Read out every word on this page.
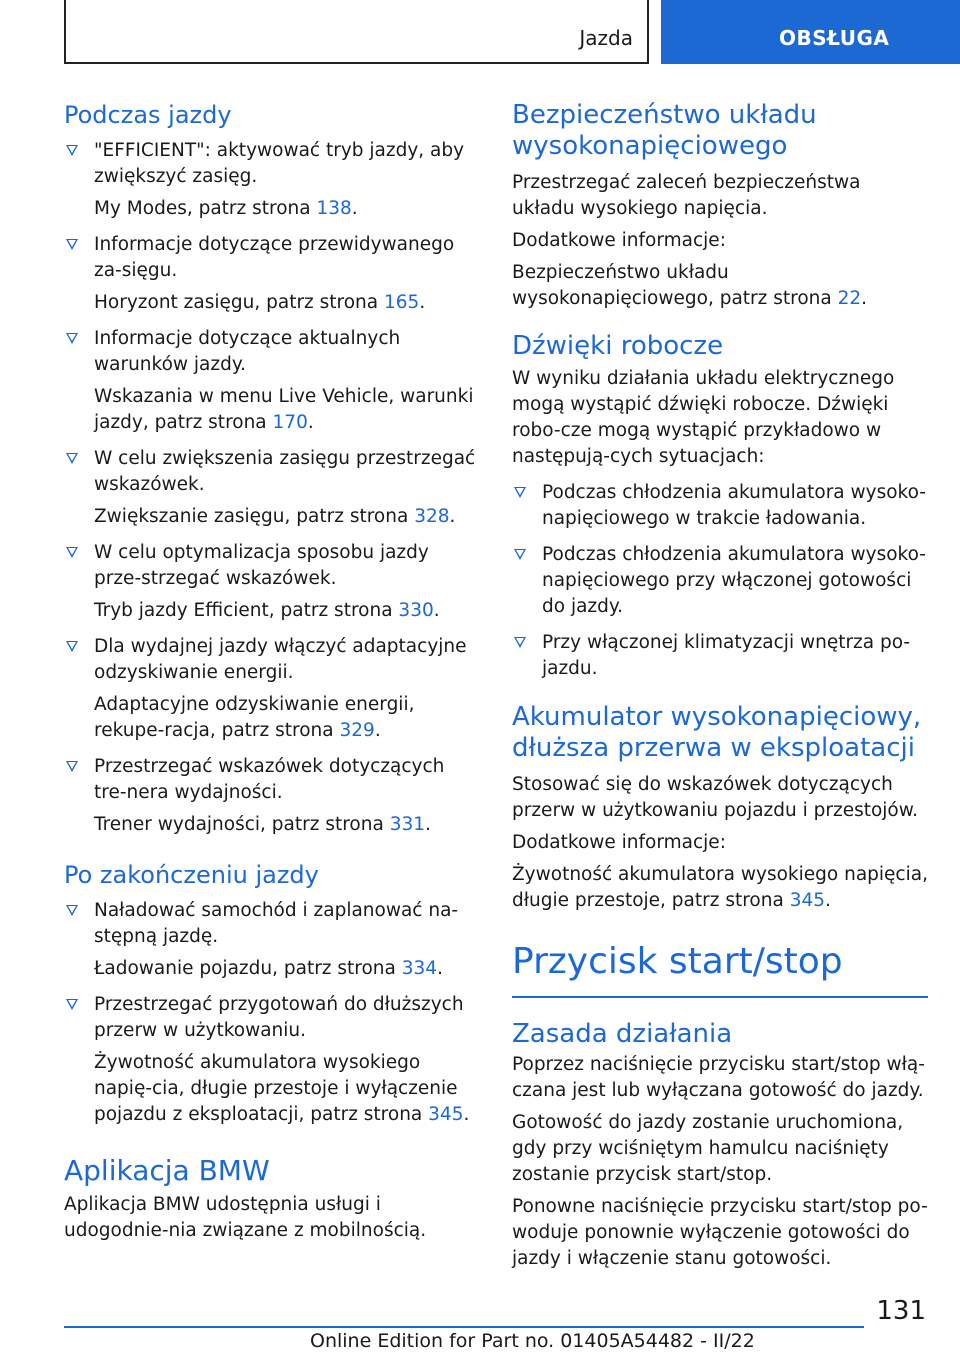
Jazda	OBSŁUGA
Podczas jazdy

"EFFICIENT": aktywować tryb jazdy, aby zwiększyć zasięg.

My Modes, patrz strona 138.

Informacje dotyczące przewidywanego za-sięgu.

Horyzont zasięgu, patrz strona 165.

Informacje dotyczące aktualnych warunków jazdy.

Wskazania w menu Live Vehicle, warunki jazdy, patrz strona 170.

W celu zwiększenia zasięgu przestrzegać wskazówek.

Zwiększanie zasięgu, patrz strona 328.

W celu optymalizacja sposobu jazdy prze-strzegać wskazówek.

Tryb jazdy Efficient, patrz strona 330.

Dla wydajnej jazdy włączyć adaptacyjne odzyskiwanie energii.

Adaptacyjne odzyskiwanie energii, rekupe-racja, patrz strona 329.

Przestrzegać wskazówek dotyczących tre-nera wydajności.

Trener wydajności, patrz strona 331.

Po zakończeniu jazdy

Naładować samochód i zaplanować na-stępną jazdę.

Ładowanie pojazdu, patrz strona 334.

Przestrzegać przygotowań do dłuższych przerw w użytkowaniu.

Żywotność akumulatora wysokiego napię-cia, długie przestoje i wyłączenie pojazdu z eksploatacji, patrz strona 345.

Aplikacja BMW

Aplikacja BMW udostępnia usługi i udogodnie-nia związane z mobilnością.

Bezpieczeństwo układu wysokonapięciowego

Przestrzegać zaleceń bezpieczeństwa układu wysokiego napięcia.

Dodatkowe informacje:

Bezpieczeństwo układu wysokonapięciowego, patrz strona 22.

Dźwięki robocze

W wyniku działania układu elektrycznego mogą wystąpić dźwięki robocze. Dźwięki robo-cze mogą wystąpić przykładowo w następują-cych sytuacjach:

Podczas chłodzenia akumulatora wysoko-napięciowego w trakcie ładowania.

Podczas chłodzenia akumulatora wysoko-napięciowego przy włączonej gotowości do jazdy.

Przy włączonej klimatyzacji wnętrza po-jazdu.

Akumulator wysokonapięciowy, dłuższa przerwa w eksploatacji

Stosować się do wskazówek dotyczących przerw w użytkowaniu pojazdu i przestojów.

Dodatkowe informacje:

Żywotność akumulatora wysokiego napięcia, długie przestoje, patrz strona 345.

Przycisk start/stop
Zasada działania

Poprzez naciśnięcie przycisku start/stop włą-czana jest lub wyłączana gotowość do jazdy.

Gotowość do jazdy zostanie uruchomiona, gdy przy wciśniętym hamulcu naciśnięty zostanie przycisk start/stop.

Ponowne naciśnięcie przycisku start/stop po-woduje ponownie wyłączenie gotowości do jazdy i włączenie stanu gotowości.

131
Online Edition for Part no. 01405A54482 - II/22
